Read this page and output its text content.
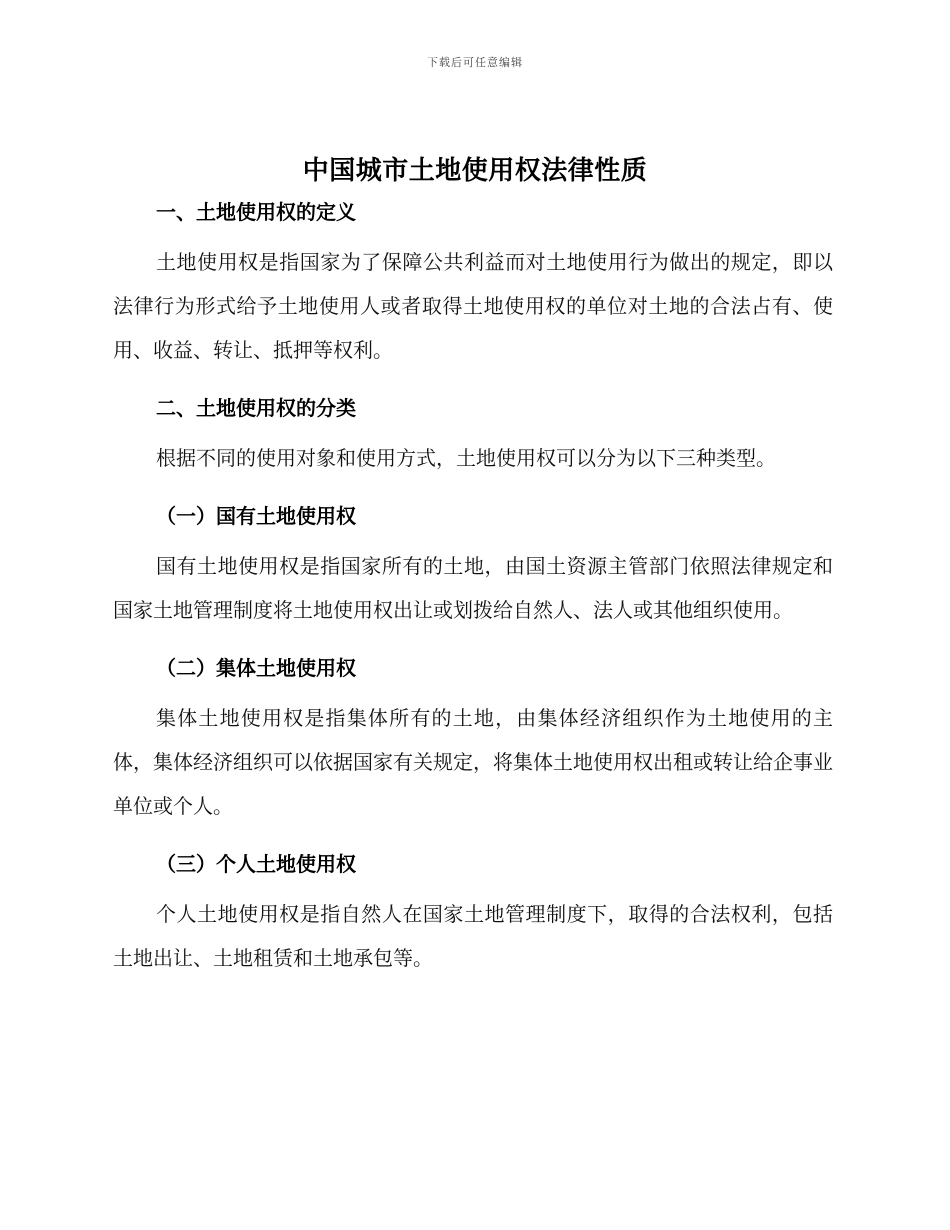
下载后可任意编辑
中国城市土地使用权法律性质
一、土地使用权的定义
土地使用权是指国家为了保障公共利益而对土地使用行为做出的规定，即以法律行为形式给予土地使用人或者取得土地使用权的单位对土地的合法占有、使用、收益、转让、抵押等权利。
二、土地使用权的分类
根据不同的使用对象和使用方式，土地使用权可以分为以下三种类型。
（一）国有土地使用权
国有土地使用权是指国家所有的土地，由国土资源主管部门依照法律规定和国家土地管理制度将土地使用权出让或划拨给自然人、法人或其他组织使用。
（二）集体土地使用权
集体土地使用权是指集体所有的土地，由集体经济组织作为土地使用的主体，集体经济组织可以依据国家有关规定，将集体土地使用权出租或转让给企事业单位或个人。
（三）个人土地使用权
个人土地使用权是指自然人在国家土地管理制度下，取得的合法权利，包括土地出让、土地租赁和土地承包等。
